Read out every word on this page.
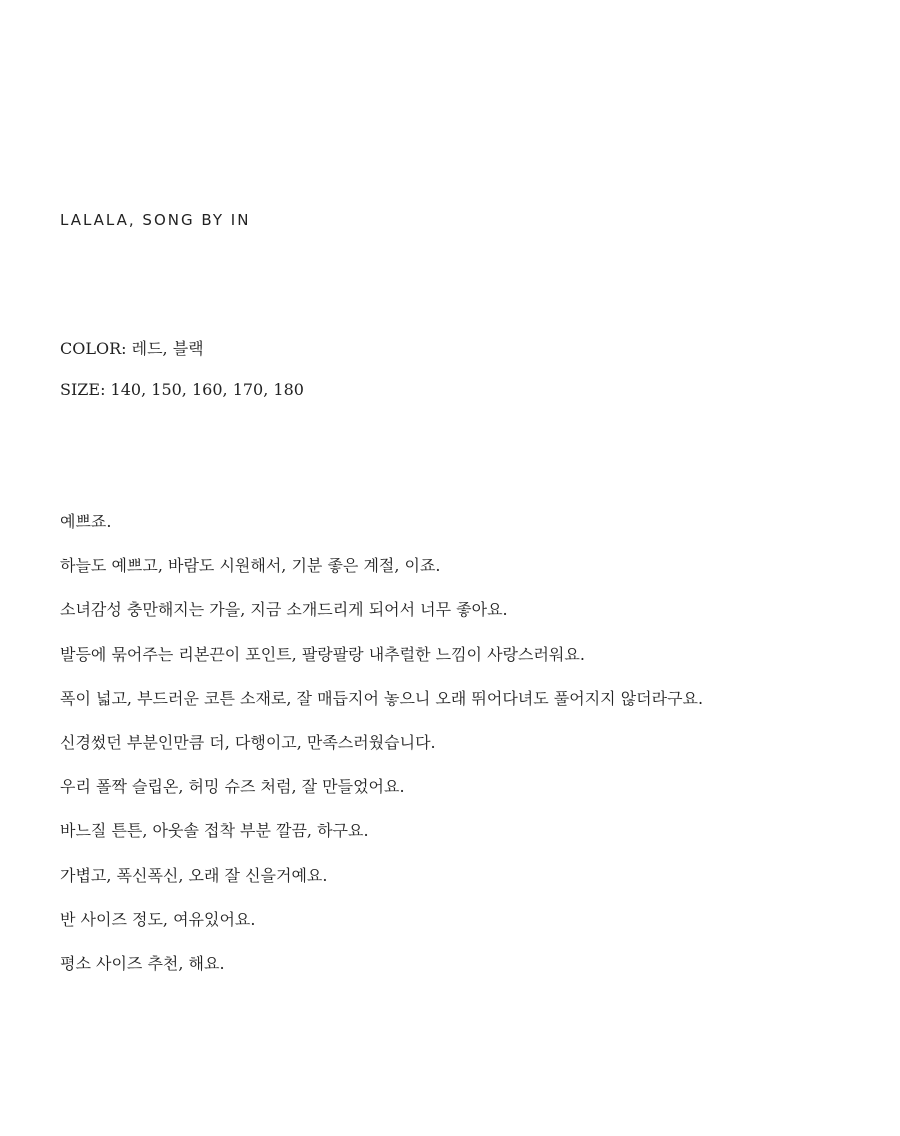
LALALA, SONG BY IN
COLOR: 레드, 블랙
SIZE: 140, 150, 160, 170, 180
예쁘죠.
하늘도 예쁘고, 바람도 시원해서, 기분 좋은 계절, 이죠.
소녀감성 충만해지는 가을, 지금 소개드리게 되어서 너무 좋아요.
발등에 묶어주는 리본끈이 포인트, 팔랑팔랑 내추럴한 느낌이 사랑스러워요.
폭이 넓고, 부드러운 코튼 소재로, 잘 매듭지어 놓으니 오래 뛰어다녀도 풀어지지 않더라구요.
신경썼던 부분인만큼 더, 다행이고, 만족스러웠습니다.
우리 폴짝 슬립온, 허밍 슈즈 처럼, 잘 만들었어요.
바느질 튼튼, 아웃솔 접착 부분 깔끔, 하구요.
가볍고, 폭신폭신, 오래 잘 신을거예요.
반 사이즈 정도, 여유있어요.
평소 사이즈 추천, 해요.
